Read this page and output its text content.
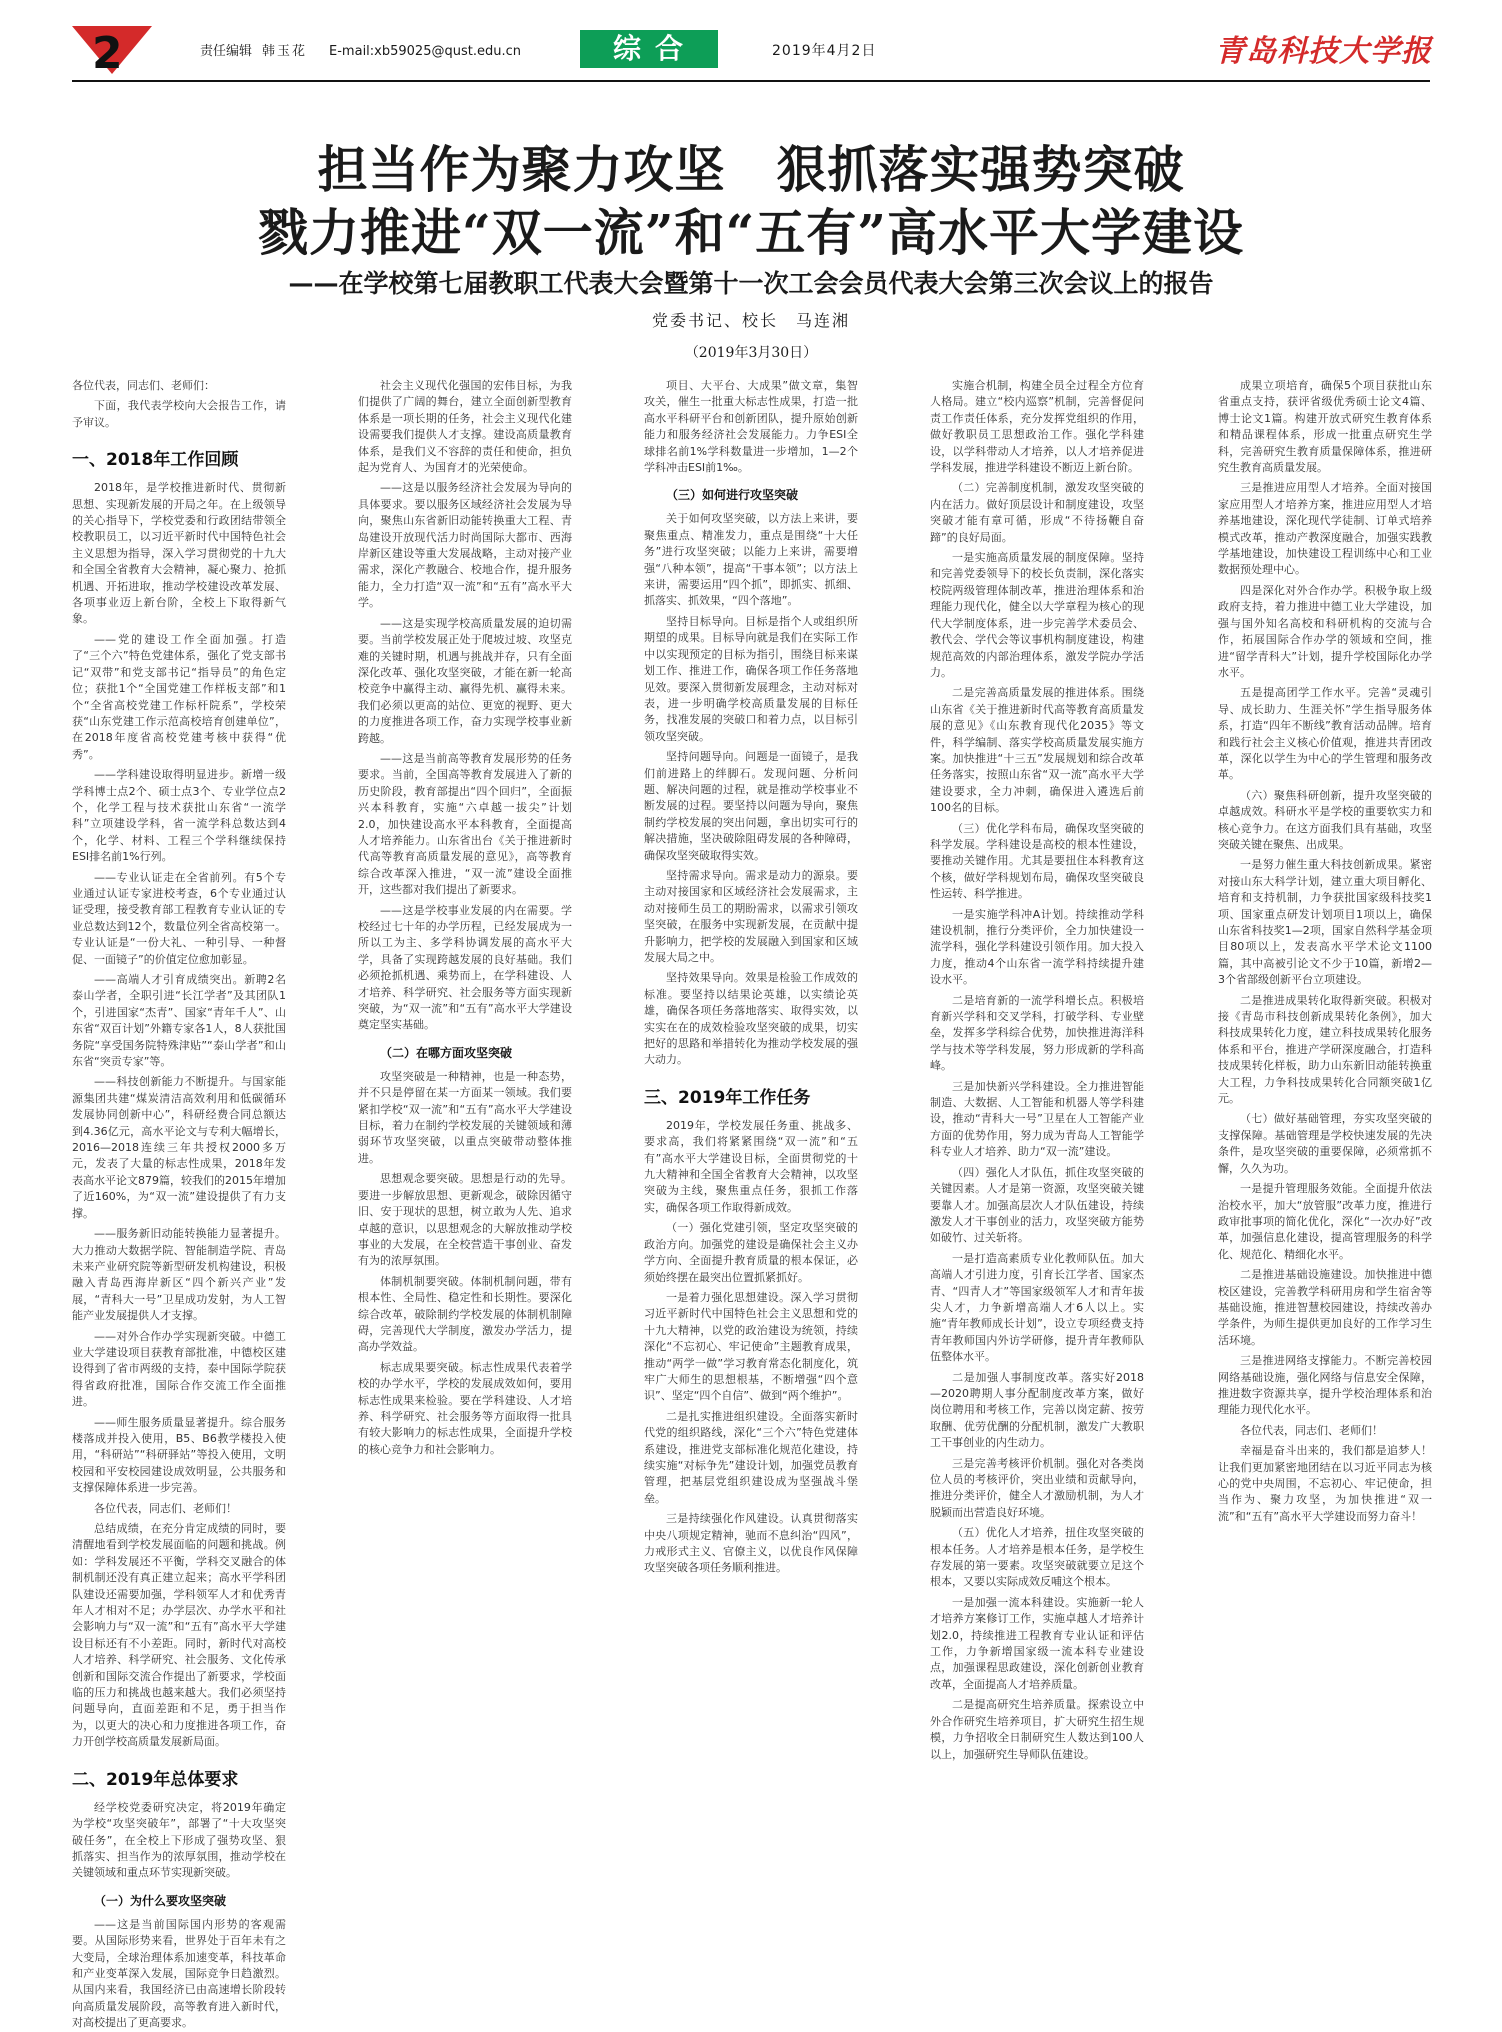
2	责任编辑 韩玉花 E-mail:xb59025@qust.edu.cn	综合	2019年4月2日	青岛科技大学报
担当作为聚力攻坚　狠抓落实强势突破
戮力推进“双一流”和“五有”高水平大学建设
——在学校第七届教职工代表大会暨第十一次工会会员代表大会第三次会议上的报告
党委书记、校长　马连湘
（2019年3月30日）

各位代表，同志们、老师们：

下面，我代表学校向大会报告工作，请予审议。

一、2018年工作回顾

2018年，是学校推进新时代、贯彻新思想、实现新发展的开局之年。在上级领导的关心指导下，学校党委和行政团结带领全校教职员工，以习近平新时代中国特色社会主义思想为指导，深入学习贯彻党的十九大和全国全省教育大会精神，凝心聚力、抢抓机遇、开拓进取，推动学校建设改革发展、各项事业迈上新台阶，全校上下取得新气象。

——党的建设工作全面加强。打造了“三个六”特色党建体系，强化了党支部书记“双带”和党支部书记“指导员”的角色定位；获批1个“全国党建工作样板支部”和1个“全省高校党建工作标杆院系”，学校荣获“山东党建工作示范高校培育创建单位”，在2018年度省高校党建考核中获得“优秀”。

——学科建设取得明显进步。新增一级学科博士点2个、硕士点3个、专业学位点2个，化学工程与技术获批山东省“一流学科”立项建设学科，省一流学科总数达到4个，化学、材料、工程三个学科继续保持ESI排名前1%行列。

——专业认证走在全省前列。有5个专业通过认证专家进校考查，6个专业通过认证受理，接受教育部工程教育专业认证的专业总数达到12个，数量位列全省高校第一。专业认证是“一份大礼、一种引导、一种督促、一面镜子”的价值定位愈加彰显。

——高端人才引育成绩突出。新聘2名泰山学者，全职引进“长江学者”及其团队1个，引进国家“杰青”、国家“青年千人”、山东省“双百计划”外籍专家各1人，8人获批国务院“享受国务院特殊津贴”“泰山学者”和山东省“突贡专家”等。

——科技创新能力不断提升。与国家能源集团共建“煤炭清洁高效利用和低碳循环发展协同创新中心”，科研经费合同总额达到4.36亿元，高水平论文与专利大幅增长，2016—2018连续三年共授权2000多万元，发表了大量的标志性成果，2018年发表高水平论文879篇，较我们的2015年增加了近160%，为“双一流”建设提供了有力支撑。

——服务新旧动能转换能力显著提升。大力推动大数据学院、智能制造学院、青岛未来产业研究院等新型研发机构建设，积极融入青岛西海岸新区“四个新兴产业”发展，“青科大一号”卫星成功发射，为人工智能产业发展提供人才支撑。

——对外合作办学实现新突破。中德工业大学建设项目获教育部批准，中德校区建设得到了省市两级的支持，泰中国际学院获得省政府批准，国际合作交流工作全面推进。

——师生服务质量显著提升。综合服务楼落成并投入使用，B5、B6教学楼投入使用，“科研站”“科研驿站”等投入使用，文明校园和平安校园建设成效明显，公共服务和支撑保障体系进一步完善。

各位代表，同志们、老师们！

总结成绩，在充分肯定成绩的同时，要清醒地看到学校发展面临的问题和挑战。例如：学科发展还不平衡，学科交叉融合的体制机制还没有真正建立起来；高水平学科团队建设还需要加强，学科领军人才和优秀青年人才相对不足；办学层次、办学水平和社会影响力与“双一流”和“五有”高水平大学建设目标还有不小差距。同时，新时代对高校人才培养、科学研究、社会服务、文化传承创新和国际交流合作提出了新要求，学校面临的压力和挑战也越来越大。我们必须坚持问题导向，直面差距和不足，勇于担当作为，以更大的决心和力度推进各项工作，奋力开创学校高质量发展新局面。

二、2019年总体要求

经学校党委研究决定，将2019年确定为学校“攻坚突破年”，部署了“十大攻坚突破任务”，在全校上下形成了强势攻坚、狠抓落实、担当作为的浓厚氛围，推动学校在关键领域和重点环节实现新突破。

（一）为什么要攻坚突破

——这是当前国际国内形势的客观需要。从国际形势来看，世界处于百年未有之大变局，全球治理体系加速变革，科技革命和产业变革深入发展，国际竞争日趋激烈。从国内来看，我国经济已由高速增长阶段转向高质量发展阶段，高等教育进入新时代，对高校提出了更高要求。

社会主义现代化强国的宏伟目标，为我们提供了广阔的舞台，建立全面创新型教育体系是一项长期的任务，社会主义现代化建设需要我们提供人才支撑。建设高质量教育体系，是我们义不容辞的责任和使命，担负起为党育人、为国育才的光荣使命。

——这是以服务经济社会发展为导向的具体要求。要以服务区域经济社会发展为导向，聚焦山东省新旧动能转换重大工程、青岛建设开放现代活力时尚国际大都市、西海岸新区建设等重大发展战略，主动对接产业需求，深化产教融合、校地合作，提升服务能力，全力打造“双一流”和“五有”高水平大学。

——这是实现学校高质量发展的迫切需要。当前学校发展正处于爬坡过坡、攻坚克难的关键时期，机遇与挑战并存，只有全面深化改革、强化攻坚突破，才能在新一轮高校竞争中赢得主动、赢得先机、赢得未来。我们必须以更高的站位、更宽的视野、更大的力度推进各项工作，奋力实现学校事业新跨越。

——这是当前高等教育发展形势的任务要求。当前，全国高等教育发展进入了新的历史阶段，教育部提出“四个回归”，全面振兴本科教育，实施“六卓越一拔尖”计划2.0，加快建设高水平本科教育，全面提高人才培养能力。山东省出台《关于推进新时代高等教育高质量发展的意见》，高等教育综合改革深入推进，“双一流”建设全面推开，这些都对我们提出了新要求。

——这是学校事业发展的内在需要。学校经过七十年的办学历程，已经发展成为一所以工为主、多学科协调发展的高水平大学，具备了实现跨越发展的良好基础。我们必须抢抓机遇、乘势而上，在学科建设、人才培养、科学研究、社会服务等方面实现新突破，为“双一流”和“五有”高水平大学建设奠定坚实基础。

（二）在哪方面攻坚突破

攻坚突破是一种精神，也是一种态势，并不只是停留在某一方面某一领域。我们要紧扣学校“双一流”和“五有”高水平大学建设目标，着力在制约学校发展的关键领域和薄弱环节攻坚突破，以重点突破带动整体推进。

思想观念要突破。思想是行动的先导。要进一步解放思想、更新观念，破除因循守旧、安于现状的思想，树立敢为人先、追求卓越的意识，以思想观念的大解放推动学校事业的大发展，在全校营造干事创业、奋发有为的浓厚氛围。

体制机制要突破。体制机制问题，带有根本性、全局性、稳定性和长期性。要深化综合改革，破除制约学校发展的体制机制障碍，完善现代大学制度，激发办学活力，提高办学效益。

标志成果要突破。标志性成果代表着学校的办学水平，学校的发展成效如何，要用标志性成果来检验。要在学科建设、人才培养、科学研究、社会服务等方面取得一批具有较大影响力的标志性成果，全面提升学校的核心竞争力和社会影响力。

项目、大平台、大成果”做文章，集智攻关，催生一批重大标志性成果，打造一批高水平科研平台和创新团队，提升原始创新能力和服务经济社会发展能力。力争ESI全球排名前1%学科数量进一步增加，1—2个学科冲击ESI前1‰。

（三）如何进行攻坚突破

关于如何攻坚突破，以方法上来讲，要聚焦重点、精准发力，重点是围绕“十大任务”进行攻坚突破；以能力上来讲，需要增强“八种本领”，提高“干事本领”；以方法上来讲，需要运用“四个抓”，即抓实、抓细、抓落实、抓效果，“四个落地”。

坚持目标导向。目标是指个人或组织所期望的成果。目标导向就是我们在实际工作中以实现预定的目标为指引，围绕目标来谋划工作、推进工作，确保各项工作任务落地见效。要深入贯彻新发展理念，主动对标对表，进一步明确学校高质量发展的目标任务，找准发展的突破口和着力点，以目标引领攻坚突破。

坚持问题导向。问题是一面镜子，是我们前进路上的绊脚石。发现问题、分析问题、解决问题的过程，就是推动学校事业不断发展的过程。要坚持以问题为导向，聚焦制约学校发展的突出问题，拿出切实可行的解决措施，坚决破除阻碍发展的各种障碍，确保攻坚突破取得实效。

坚持需求导向。需求是动力的源泉。要主动对接国家和区域经济社会发展需求，主动对接师生员工的期盼需求，以需求引领攻坚突破，在服务中实现新发展，在贡献中提升影响力，把学校的发展融入到国家和区域发展大局之中。

坚持效果导向。效果是检验工作成效的标准。要坚持以结果论英雄，以实绩论英雄，确保各项任务落地落实、取得实效，以实实在在的成效检验攻坚突破的成果，切实把好的思路和举措转化为推动学校发展的强大动力。

三、2019年工作任务

2019年，学校发展任务重、挑战多、要求高，我们将紧紧围绕“双一流”和“五有”高水平大学建设目标，全面贯彻党的十九大精神和全国全省教育大会精神，以攻坚突破为主线，聚焦重点任务，狠抓工作落实，确保各项工作取得新成效。

（一）强化党建引领，坚定攻坚突破的政治方向。加强党的建设是确保社会主义办学方向、全面提升教育质量的根本保证，必须始终摆在最突出位置抓紧抓好。

一是着力强化思想建设。深入学习贯彻习近平新时代中国特色社会主义思想和党的十九大精神，以党的政治建设为统领，持续深化“不忘初心、牢记使命”主题教育成果，推动“两学一做”学习教育常态化制度化，筑牢广大师生的思想根基，不断增强“四个意识”、坚定“四个自信”、做到“两个维护”。

二是扎实推进组织建设。全面落实新时代党的组织路线，深化“三个六”特色党建体系建设，推进党支部标准化规范化建设，持续实施“对标争先”建设计划，加强党员教育管理，把基层党组织建设成为坚强战斗堡垒。

三是持续强化作风建设。认真贯彻落实中央八项规定精神，驰而不息纠治“四风”，力戒形式主义、官僚主义，以优良作风保障攻坚突破各项任务顺利推进。

实施合机制，构建全员全过程全方位育人格局。建立“校内巡察”机制，完善督促问责工作责任体系，充分发挥党组织的作用，做好教职员工思想政治工作。强化学科建设，以学科带动人才培养，以人才培养促进学科发展，推进学科建设不断迈上新台阶。

（二）完善制度机制，激发攻坚突破的内在活力。做好顶层设计和制度建设，攻坚突破才能有章可循，形成“不待扬鞭自奋蹄”的良好局面。

一是实施高质量发展的制度保障。坚持和完善党委领导下的校长负责制，深化落实校院两级管理体制改革，推进治理体系和治理能力现代化，健全以大学章程为核心的现代大学制度体系，进一步完善学术委员会、教代会、学代会等议事机构制度建设，构建规范高效的内部治理体系，激发学院办学活力。

二是完善高质量发展的推进体系。围绕山东省《关于推进新时代高等教育高质量发展的意见》《山东教育现代化2035》等文件，科学编制、落实学校高质量发展实施方案。加快推进“十三五”发展规划和综合改革任务落实，按照山东省“双一流”高水平大学建设要求，全力冲刺，确保进入遴选后前100名的目标。

（三）优化学科布局，确保攻坚突破的科学发展。学科建设是高校的根本性建设，要推动关键作用。尤其是要扭住本科教育这个核，做好学科规划布局，确保攻坚突破良性运转、科学推进。

一是实施学科冲A计划。持续推动学科建设机制，推行分类评价，全力加快建设一流学科，强化学科建设引领作用。加大投入力度，推动4个山东省一流学科持续提升建设水平。

二是培育新的一流学科增长点。积极培育新兴学科和交叉学科，打破学科、专业壁垒，发挥多学科综合优势，加快推进海洋科学与技术等学科发展，努力形成新的学科高峰。

三是加快新兴学科建设。全力推进智能制造、大数据、人工智能和机器人等学科建设，推动“青科大一号”卫星在人工智能产业方面的优势作用，努力成为青岛人工智能学科专业人才培养、助力“双一流”建设。

（四）强化人才队伍，抓住攻坚突破的关键因素。人才是第一资源，攻坚突破关键要靠人才。加强高层次人才队伍建设，持续激发人才干事创业的活力，攻坚突破方能势如破竹、过关斩将。

一是打造高素质专业化教师队伍。加大高端人才引进力度，引育长江学者、国家杰青、“四青人才”等国家级领军人才和青年拔尖人才，力争新增高端人才6人以上。实施“青年教师成长计划”，设立专项经费支持青年教师国内外访学研修，提升青年教师队伍整体水平。

二是加强人事制度改革。落实好2018—2020聘期人事分配制度改革方案，做好岗位聘用和考核工作，完善以岗定薪、按劳取酬、优劳优酬的分配机制，激发广大教职工干事创业的内生动力。

三是完善考核评价机制。强化对各类岗位人员的考核评价，突出业绩和贡献导向，推进分类评价，健全人才激励机制，为人才脱颖而出营造良好环境。

（五）优化人才培养，扭住攻坚突破的根本任务。人才培养是根本任务，是学校生存发展的第一要素。攻坚突破就要立足这个根本，又要以实际成效反哺这个根本。

一是加强一流本科建设。实施新一轮人才培养方案修订工作，实施卓越人才培养计划2.0，持续推进工程教育专业认证和评估工作，力争新增国家级一流本科专业建设点，加强课程思政建设，深化创新创业教育改革，全面提高人才培养质量。

二是提高研究生培养质量。探索设立中外合作研究生培养项目，扩大研究生招生规模，力争招收全日制研究生人数达到100人以上，加强研究生导师队伍建设。

成果立项培育，确保5个项目获批山东省重点支持，获评省级优秀硕士论文4篇、博士论文1篇。构建开放式研究生教育体系和精品课程体系，形成一批重点研究生学科，完善研究生教育质量保障体系，推进研究生教育高质量发展。

三是推进应用型人才培养。全面对接国家应用型人才培养方案，推进应用型人才培养基地建设，深化现代学徒制、订单式培养模式改革，推动产教深度融合，加强实践教学基地建设，加快建设工程训练中心和工业数据预处理中心。

四是深化对外合作办学。积极争取上级政府支持，着力推进中德工业大学建设，加强与国外知名高校和科研机构的交流与合作，拓展国际合作办学的领域和空间，推进“留学青科大”计划，提升学校国际化办学水平。

五是提高团学工作水平。完善“灵魂引导、成长助力、生涯关怀”学生指导服务体系，打造“四年不断线”教育活动品牌。培育和践行社会主义核心价值观，推进共青团改革，深化以学生为中心的学生管理和服务改革。

（六）聚焦科研创新，提升攻坚突破的卓越成效。科研水平是学校的重要软实力和核心竞争力。在这方面我们具有基础，攻坚突破关键在聚焦、出成果。

一是努力催生重大科技创新成果。紧密对接山东大科学计划，建立重大项目孵化、培育和支持机制，力争获批国家级科技奖1项、国家重点研发计划项目1项以上，确保山东省科技奖1—2项，国家自然科学基金项目80项以上，发表高水平学术论文1100篇，其中高被引论文不少于10篇，新增2—3个省部级创新平台立项建设。

二是推进成果转化取得新突破。积极对接《青岛市科技创新成果转化条例》，加大科技成果转化力度，建立科技成果转化服务体系和平台，推进产学研深度融合，打造科技成果转化样板，助力山东新旧动能转换重大工程，力争科技成果转化合同额突破1亿元。

（七）做好基础管理，夯实攻坚突破的支撑保障。基础管理是学校快速发展的先决条件，是攻坚突破的重要保障，必须常抓不懈，久久为功。

一是提升管理服务效能。全面提升依法治校水平，加大“放管服”改革力度，推进行政审批事项的简化优化，深化“一次办好”改革，加强信息化建设，提高管理服务的科学化、规范化、精细化水平。

二是推进基础设施建设。加快推进中德校区建设，完善教学科研用房和学生宿舍等基础设施，推进智慧校园建设，持续改善办学条件，为师生提供更加良好的工作学习生活环境。

三是推进网络支撑能力。不断完善校园网络基础设施，强化网络与信息安全保障，推进数字资源共享，提升学校治理体系和治理能力现代化水平。

各位代表，同志们、老师们！

幸福是奋斗出来的，我们都是追梦人！让我们更加紧密地团结在以习近平同志为核心的党中央周围，不忘初心、牢记使命，担当作为、聚力攻坚，为加快推进“双一流”和“五有”高水平大学建设而努力奋斗！
